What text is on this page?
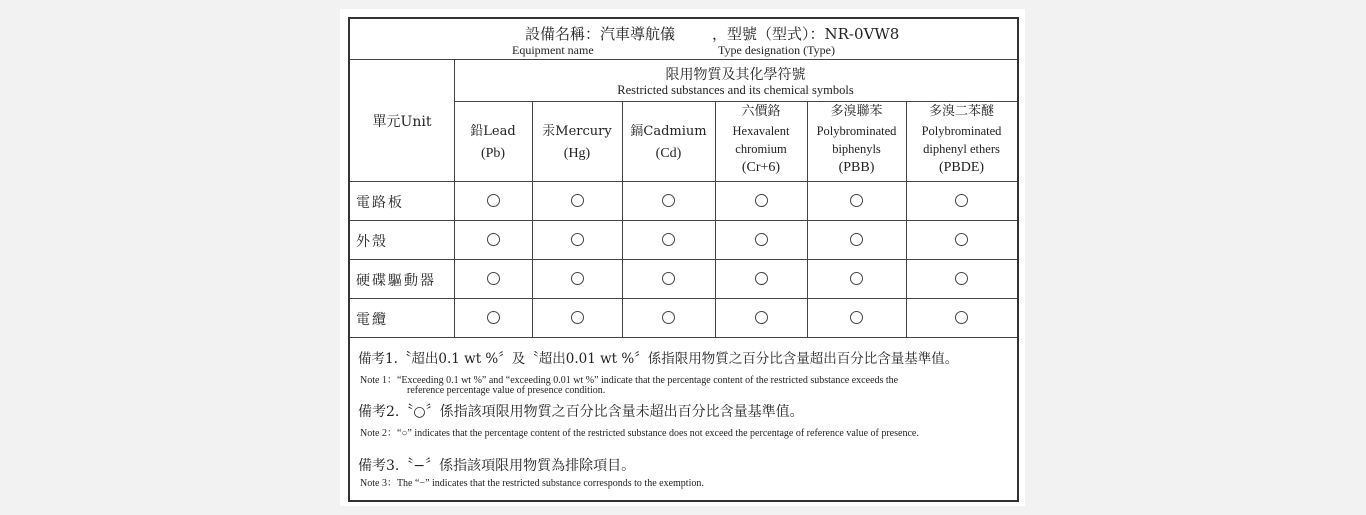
設備名稱：汽車導航儀 ，型號（型式）：NR-0VW8
Equipment name	Type designation (Type)
單元Unit
限用物質及其化學符號
Restricted substances and its chemical symbols
鉛Lead
(Pb)
汞Mercury
(Hg)
鎘Cadmium
(Cd)
六價鉻
Hexavalent
chromium
(Cr+6)
多溴聯苯
Polybrominated
biphenyls
(PBB)
多溴二苯醚
Polybrominated
diphenyl ethers
(PBDE)
電路板
外殼
硬碟驅動器
電纜
備考1.〝超出0.1 wt %〞及〝超出0.01 wt %〞係指限用物質之百分比含量超出百分比含量基準值。
Note 1：“Exceeding 0.1 wt %” and “exceeding 0.01 wt %” indicate that the percentage content of the restricted substance exceeds the
reference percentage value of presence condition.
備考2.〝○〞係指該項限用物質之百分比含量未超出百分比含量基準值。
Note 2：“○” indicates that the percentage content of the restricted substance does not exceed the percentage of reference value of presence.
備考3.〝−〞係指該項限用物質為排除項目。
Note 3：The “−” indicates that the restricted substance corresponds to the exemption.
